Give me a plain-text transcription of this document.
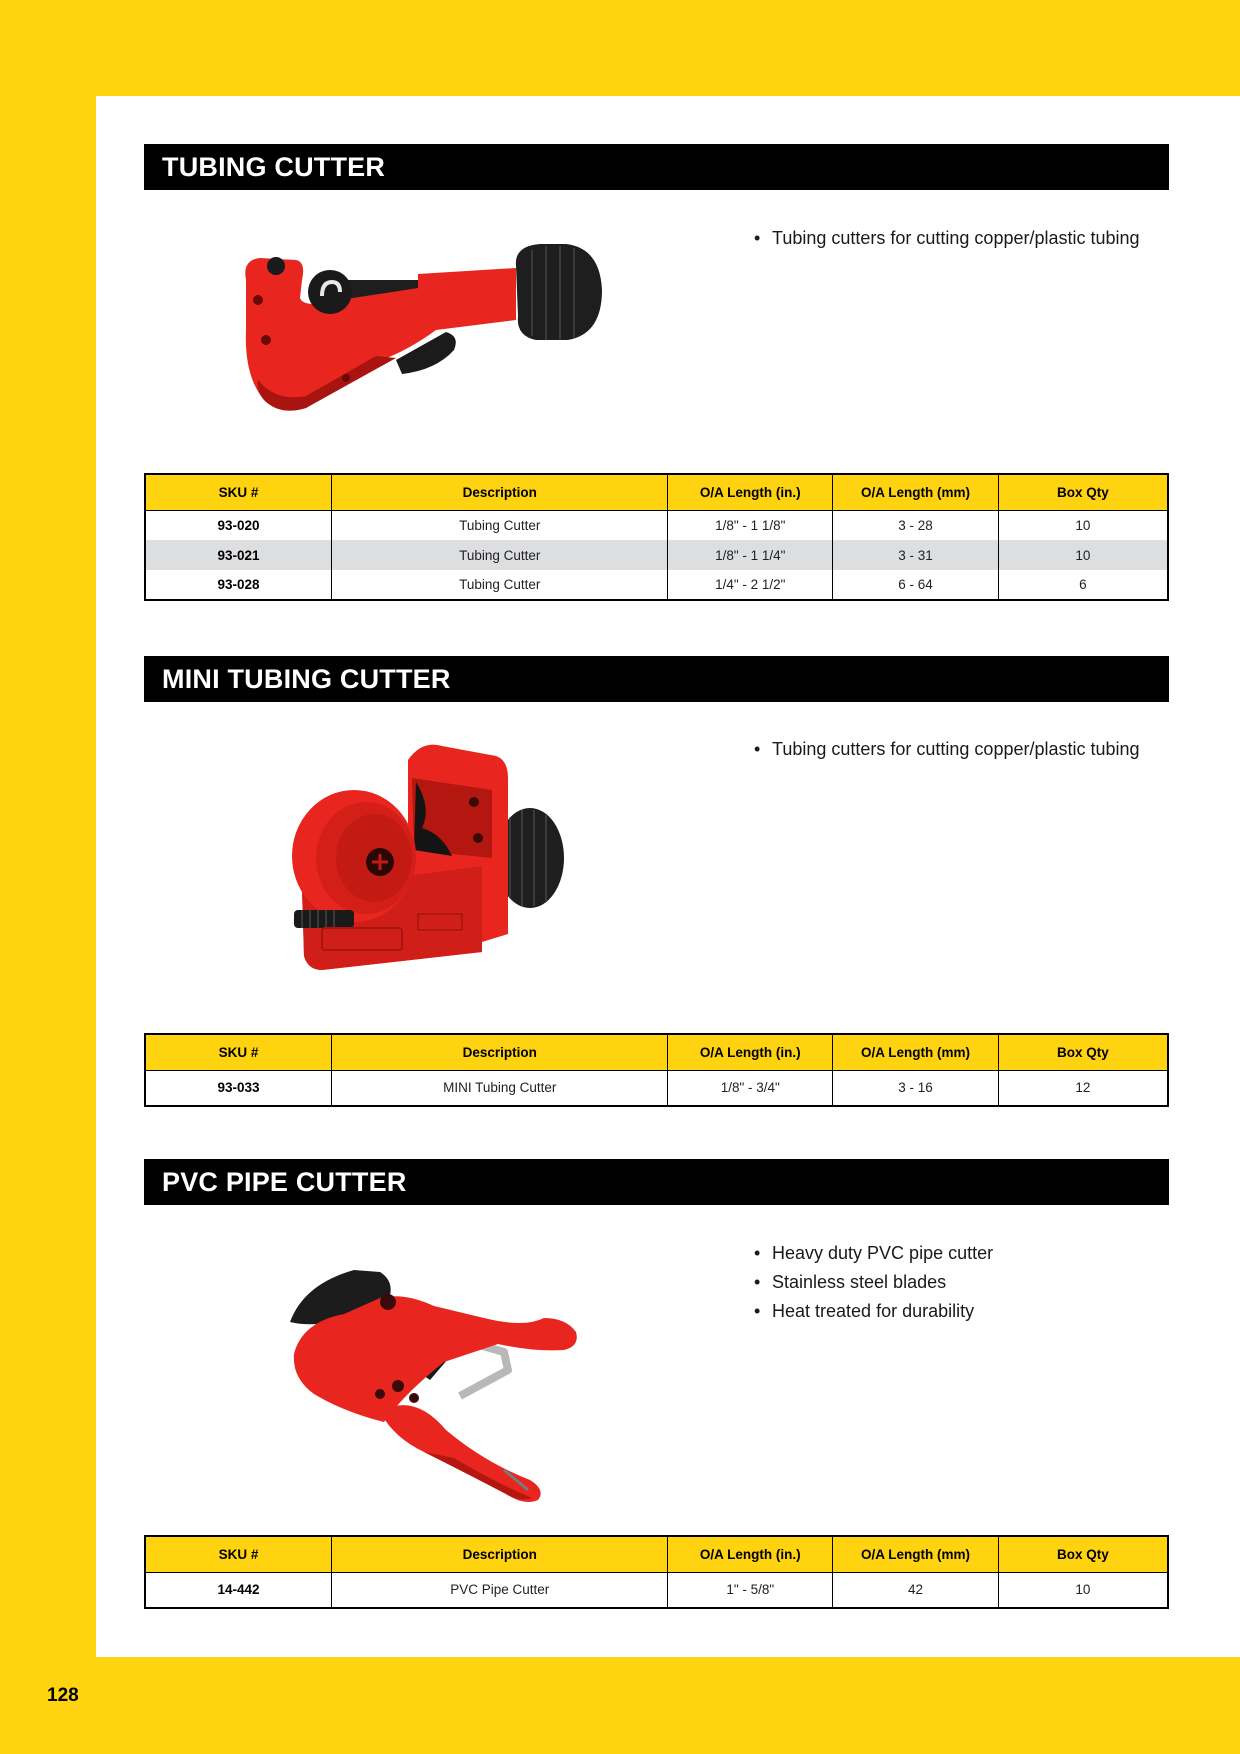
TUBING CUTTER
• Tubing cutters for cutting copper/plastic tubing
SKU #	Description	O/A Length (in.)	O/A Length (mm)	Box Qty
93-020	Tubing Cutter	1/8" - 1 1/8"	3 - 28	10
93-021	Tubing Cutter	1/8" - 1 1/4"	3 - 31	10
93-028	Tubing Cutter	1/4" - 2 1/2"	6 - 64	6
MINI TUBING CUTTER
• Tubing cutters for cutting copper/plastic tubing
SKU #	Description	O/A Length (in.)	O/A Length (mm)	Box Qty
93-033	MINI Tubing Cutter	1/8" - 3/4"	3 - 16	12
PVC PIPE CUTTER
• Heavy duty PVC pipe cutter
• Stainless steel blades
• Heat treated for durability
SKU #	Description	O/A Length (in.)	O/A Length (mm)	Box Qty
14-442	PVC Pipe Cutter	1" - 5/8"	42	10
128
